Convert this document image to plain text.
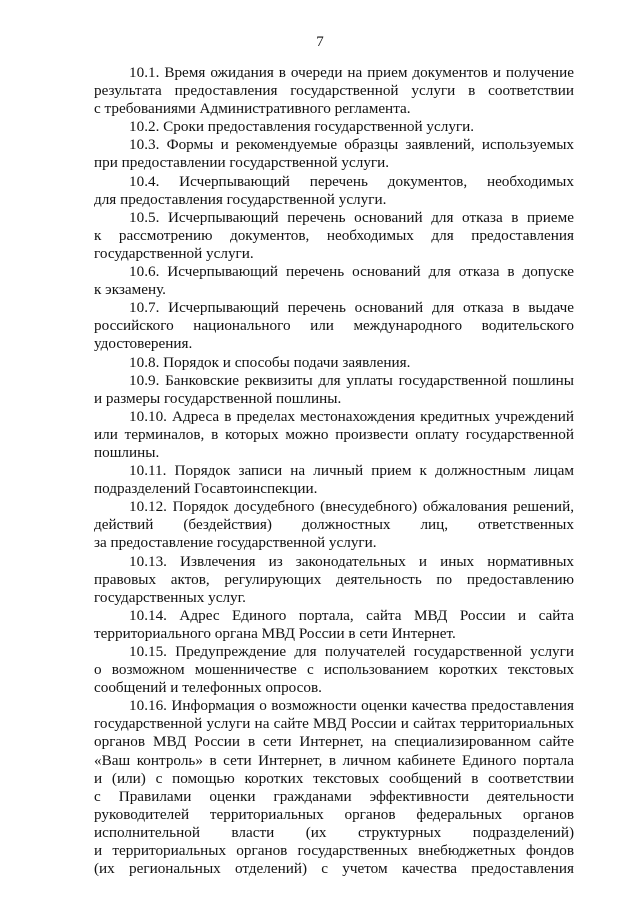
7
10.1. Время ожидания в очереди на прием документов и получение
результата предоставления государственной услуги в соответствии
с требованиями Административного регламента.
10.2. Сроки предоставления государственной услуги.
10.3. Формы и рекомендуемые образцы заявлений, используемых
при предоставлении государственной услуги.
10.4. Исчерпывающий перечень документов, необходимых
для предоставления государственной услуги.
10.5. Исчерпывающий перечень оснований для отказа в приеме
к рассмотрению документов, необходимых для предоставления
государственной услуги.
10.6. Исчерпывающий перечень оснований для отказа в допуске
к экзамену.
10.7. Исчерпывающий перечень оснований для отказа в выдаче
российского национального или международного водительского
удостоверения.
10.8. Порядок и способы подачи заявления.
10.9. Банковские реквизиты для уплаты государственной пошлины
и размеры государственной пошлины.
10.10. Адреса в пределах местонахождения кредитных учреждений
или терминалов, в которых можно произвести оплату государственной
пошлины.
10.11. Порядок записи на личный прием к должностным лицам
подразделений Госавтоинспекции.
10.12. Порядок досудебного (внесудебного) обжалования решений,
действий (бездействия) должностных лиц, ответственных
за предоставление государственной услуги.
10.13. Извлечения из законодательных и иных нормативных
правовых актов, регулирующих деятельность по предоставлению
государственных услуг.
10.14. Адрес Единого портала, сайта МВД России и сайта
территориального органа МВД России в сети Интернет.
10.15. Предупреждение для получателей государственной услуги
о возможном мошенничестве с использованием коротких текстовых
сообщений и телефонных опросов.
10.16. Информация о возможности оценки качества предоставления
государственной услуги на сайте МВД России и сайтах территориальных
органов МВД России в сети Интернет, на специализированном сайте
«Ваш контроль» в сети Интернет, в личном кабинете Единого портала
и (или) с помощью коротких текстовых сообщений в соответствии
с Правилами оценки гражданами эффективности деятельности
руководителей территориальных органов федеральных органов
исполнительной власти (их структурных подразделений)
и территориальных органов государственных внебюджетных фондов
(их региональных отделений) с учетом качества предоставления
